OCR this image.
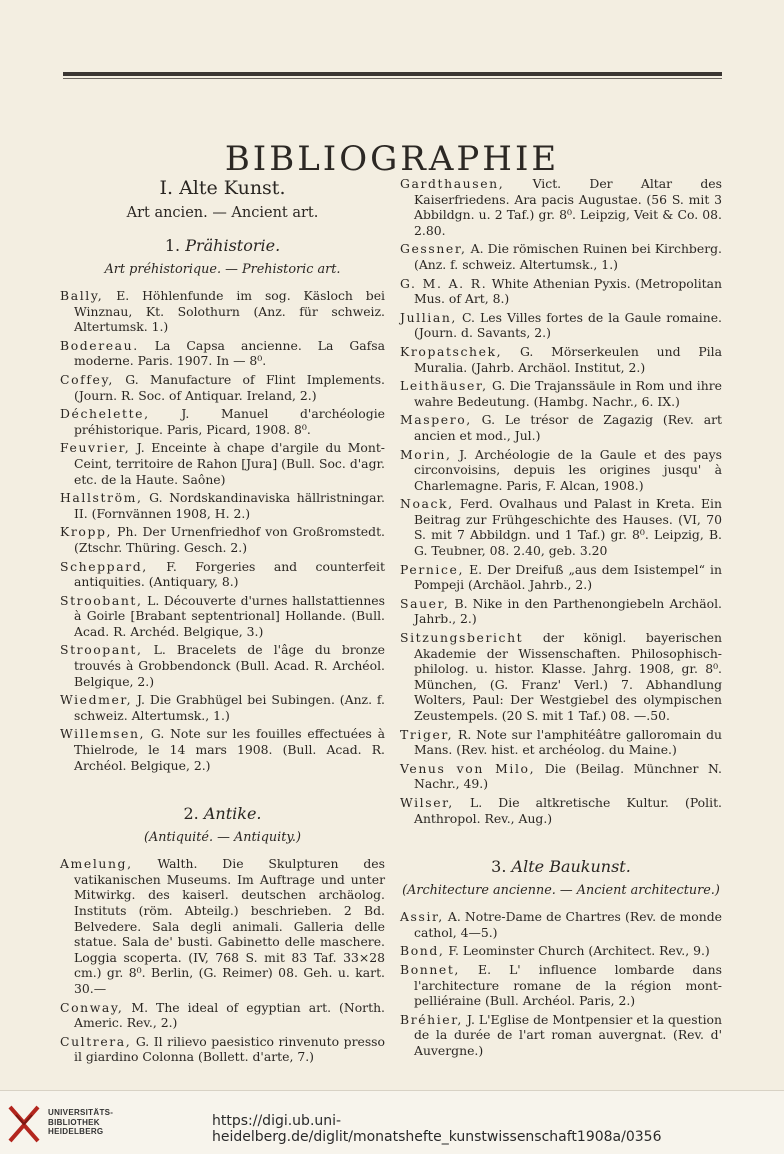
BIBLIOGRAPHIE
I. Alte Kunst.
Art ancien. — Ancient art.
1. Prähistorie.
Art préhistorique. — Prehistoric art.

Bally, E. Höhlenfunde im sog. Käsloch bei Winznau, Kt. Solothurn (Anz. für schweiz. Altertumsk. 1.)

Bodereau. La Capsa ancienne. La Gafsa moderne. Paris. 1907. In — 8⁰.

Coffey, G. Manufacture of Flint Implements. (Journ. R. Soc. of Antiquar. Ireland, 2.)

Déchelette, J. Manuel d'archéologie préhistorique. Paris, Picard, 1908. 8⁰.

Feuvrier, J. Enceinte à chape d'argile du Mont-Ceint, territoire de Rahon [Jura] (Bull. Soc. d'agr. etc. de la Haute. Saône)

Hallström, G. Nordskandinaviska hällristningar. II. (Fornvännen 1908, H. 2.)

Kropp, Ph. Der Urnenfriedhof von Großromstedt. (Ztschr. Thüring. Gesch. 2.)

Scheppard, F. Forgeries and counterfeit antiquities. (Antiquary, 8.)

Stroobant, L. Découverte d'urnes hallstattiennes à Goirle [Brabant septentrional] Hollande. (Bull. Acad. R. Archéd. Belgique, 3.)

Stroopant, L. Bracelets de l'âge du bronze trouvés à Grobbendonck (Bull. Acad. R. Archéol. Belgique, 2.)

Wiedmer, J. Die Grabhügel bei Subingen. (Anz. f. schweiz. Altertumsk., 1.)

Willemsen, G. Note sur les fouilles effectuées à Thielrode, le 14 mars 1908. (Bull. Acad. R. Archéol. Belgique, 2.)

2. Antike.
(Antiquité. — Antiquity.)

Amelung, Walth. Die Skulpturen des vatikanischen Museums. Im Auftrage und unter Mitwirkg. des kaiserl. deutschen archäolog. Instituts (röm. Abteilg.) beschrieben. 2 Bd. Belvedere. Sala degli animali. Galleria delle statue. Sala de' busti. Gabinetto delle maschere. Loggia scoperta. (IV, 768 S. mit 83 Taf. 33×28 cm.) gr. 8⁰. Berlin, (G. Reimer) 08. Geh. u. kart. 30.—

Conway, M. The ideal of egyptian art. (North. Americ. Rev., 2.)

Cultrera, G. Il rilievo paesistico rinvenuto presso il giardino Colonna (Bollett. d'arte, 7.)

Gardthausen, Vict. Der Altar des Kaiserfriedens. Ara pacis Augustae. (56 S. mit 3 Abbildgn. u. 2 Taf.) gr. 8⁰. Leipzig, Veit & Co. 08. 2.80.

Gessner, A. Die römischen Ruinen bei Kirchberg. (Anz. f. schweiz. Altertumsk., 1.)

G. M. A. R. White Athenian Pyxis. (Metropolitan Mus. of Art, 8.)

Jullian, C. Les Villes fortes de la Gaule romaine. (Journ. d. Savants, 2.)

Kropatschek, G. Mörserkeulen und Pila Muralia. (Jahrb. Archäol. Institut, 2.)

Leithäuser, G. Die Trajanssäule in Rom und ihre wahre Bedeutung. (Hambg. Nachr., 6. IX.)

Maspero, G. Le trésor de Zagazig (Rev. art ancien et mod., Jul.)

Morin, J. Archéologie de la Gaule et des pays circonvoisins, depuis les origines jusqu' à Charlemagne. Paris, F. Alcan, 1908.)

Noack, Ferd. Ovalhaus und Palast in Kreta. Ein Beitrag zur Frühgeschichte des Hauses. (VI, 70 S. mit 7 Abbildgn. und 1 Taf.) gr. 8⁰. Leipzig, B. G. Teubner, 08. 2.40, geb. 3.20

Pernice, E. Der Dreifuß „aus dem Isistempel“ in Pompeji (Archäol. Jahrb., 2.)

Sauer, B. Nike in den Parthenongiebeln Archäol. Jahrb., 2.)

Sitzungsbericht der königl. bayerischen Akademie der Wissenschaften. Philosophisch-philolog. u. histor. Klasse. Jahrg. 1908, gr. 8⁰. München, (G. Franz' Verl.) 7. Abhandlung Wolters, Paul: Der Westgiebel des olympischen Zeustempels. (20 S. mit 1 Taf.) 08. —.50.

Triger, R. Note sur l'amphitéâtre galloromain du Mans. (Rev. hist. et archéolog. du Maine.)

Venus von Milo, Die (Beilag. Münchner N. Nachr., 49.)

Wilser, L. Die altkretische Kultur. (Polit. Anthropol. Rev., Aug.)

3. Alte Baukunst.
(Architecture ancienne. — Ancient architecture.)

Assir, A. Notre-Dame de Chartres (Rev. de monde cathol, 4—5.)

Bond, F. Leominster Church (Architect. Rev., 9.)

Bonnet, E. L' influence lombarde dans l'architecture romane de la région mont-pelliéraine (Bull. Archéol. Paris, 2.)

Bréhier, J. L'Eglise de Montpensier et la question de la durée de l'art roman auvergnat. (Rev. d' Auvergne.)

UNIVERSITÄTS-
BIBLIOTHEK
HEIDELBERG
https://digi.ub.uni-heidelberg.de/diglit/monatshefte_kunstwissenschaft1908a/0356
